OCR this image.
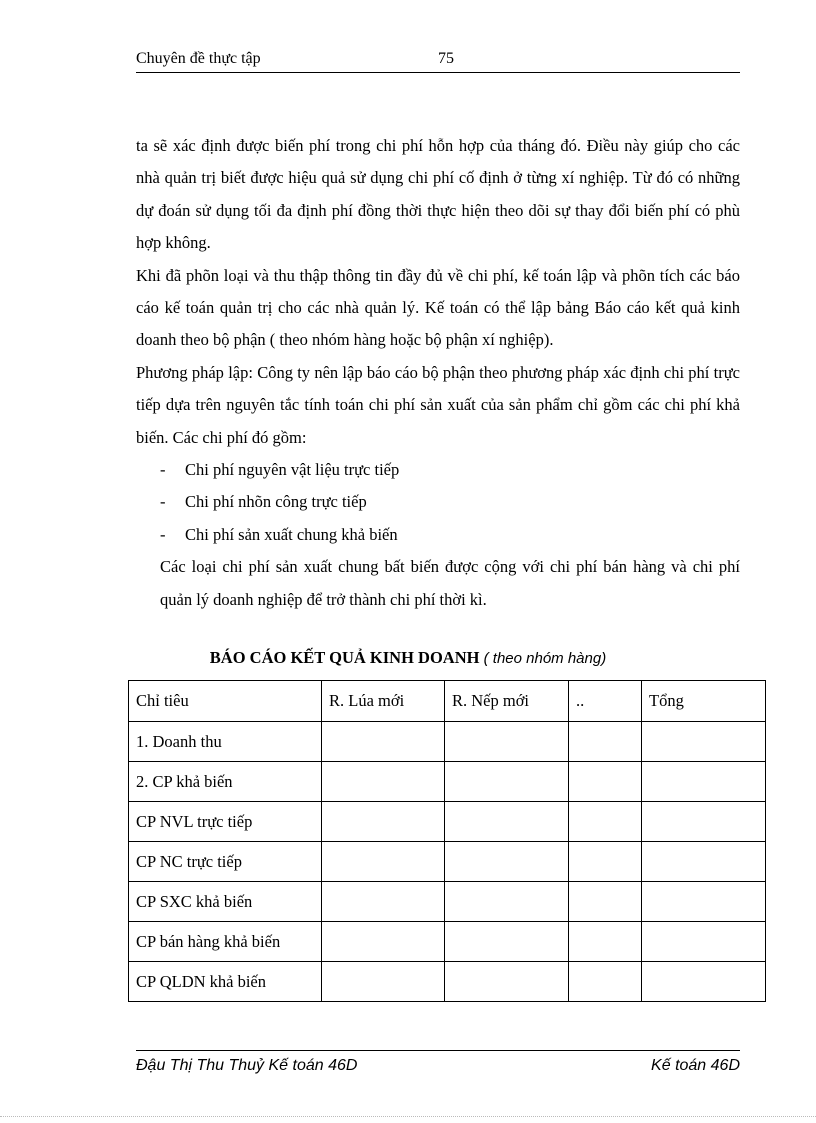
Chuyên đề thực tập	75

ta sẽ xác định được biến phí trong chi phí hỗn hợp của tháng đó. Điều này giúp cho các nhà quản trị biết được hiệu quả sử dụng chi phí cố định ở từng xí nghiệp. Từ đó có những dự đoán sử dụng tối đa định phí đồng thời thực hiện theo dõi sự thay đổi biến phí có phù hợp không.

Khi đã phõn loại và thu thập thông tin đầy đủ về chi phí, kế toán lập và phõn tích các báo cáo kế toán quản trị cho các nhà quản lý. Kế toán có thể lập bảng Báo cáo kết quả kinh doanh theo bộ phận ( theo nhóm hàng hoặc bộ phận xí nghiệp).

Phương pháp lập: Công ty nên lập báo cáo bộ phận theo phương pháp xác định chi phí trực tiếp dựa trên nguyên tắc tính toán chi phí sản xuất của sản phẩm chỉ gồm các chi phí khả biến. Các chi phí đó gồm:

- Chi phí nguyên vật liệu trực tiếp
- Chi phí nhõn công trực tiếp
- Chi phí sản xuất chung khả biến

Các loại chi phí sản xuất chung bất biến được cộng với chi phí bán hàng và chi phí quản lý doanh nghiệp để trở thành chi phí thời kì.

BÁO CÁO KẾT QUẢ KINH DOANH ( theo nhóm hàng)
Chỉ tiêu	R. Lúa mới	R. Nếp mới	..	Tổng
1. Doanh thu				
2. CP khả biến				
CP NVL trực tiếp				
CP NC trực tiếp				
CP SXC khả biến				
CP bán hàng khả biến				
CP QLDN khả biến				
Đậu Thị Thu Thuỷ Kế toán 46D	Kế toán 46D
